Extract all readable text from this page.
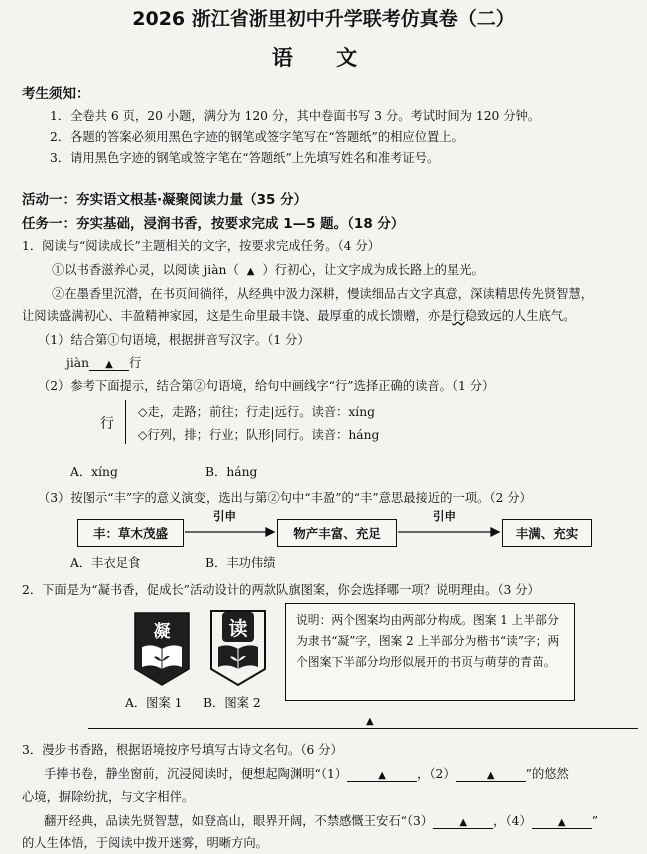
2026 浙江省浙里初中升学联考仿真卷（二）
语 文
考生须知：
1．全卷共 6 页，20 小题，满分为 120 分，其中卷面书写 3 分。考试时间为 120 分钟。
2．各题的答案必须用黑色字迹的钢笔或签字笔写在“答题纸”的相应位置上。
3．请用黑色字迹的钢笔或签字笔在“答题纸”上先填写姓名和准考证号。
活动一：夯实语文根基·凝聚阅读力量（35 分）
任务一：夯实基础，浸润书香，按要求完成 1—5 题。（18 分）
1．阅读与“阅读成长”主题相关的文字，按要求完成任务。（4 分）
①以书香滋养心灵，以阅读 jiàn（ ▲ ）行初心，让文字成为成长路上的星光。
②在墨香里沉潜，在书页间徜徉，从经典中汲力深耕，慢读细品古文字真意，深读精思传先贤智慧，
让阅读盛满初心、丰盈精神家园，这是生命里最丰饶、最厚重的成长馈赠，亦是行稳致远的人生底气。
（1）结合第①句语境，根据拼音写汉字。（1 分）
jiàn ▲ 行
（2）参考下面提示，结合第②句语境，给句中画线字“行”选择正确的读音。（1 分）
行
◇走，走路；前往；行走|远行。读音：xíng
◇行列，排；行业；队形|同行。读音：háng
A．xíng	B．háng
（3）按图示“丰”字的意义演变，选出与第②句中“丰盈”的“丰”意思最接近的一项。（2 分）
丰：草木茂盛	物产丰富、充足	丰满、充实
引申	引申
A．丰衣足食	B．丰功伟绩
2．下面是为“凝书香，促成长”活动设计的两款队旗图案，你会选择哪一项？说明理由。（3 分）
凝	读
A．图案 1 B．图案 2
说明：两个图案均由两部分构成。图案 1 上半部分为隶书“凝”字，图案 2 上半部分为楷书“读”字；两个图案下半部分均形似展开的书页与萌芽的青苗。
▲
3．漫步书香路，根据语境按序号填写古诗文名句。（6 分）
手捧书卷，静坐窗前，沉浸阅读时，便想起陶渊明“（1）	▲	，（2）	▲	”的悠然
心境，摒除纷扰，与文字相伴。
翻开经典，品读先贤智慧，如登高山，眼界开阔，不禁感慨王安石“（3）	▲ ，（4）	▲ ”
的人生体悟，于阅读中拨开迷雾，明晰方向。
